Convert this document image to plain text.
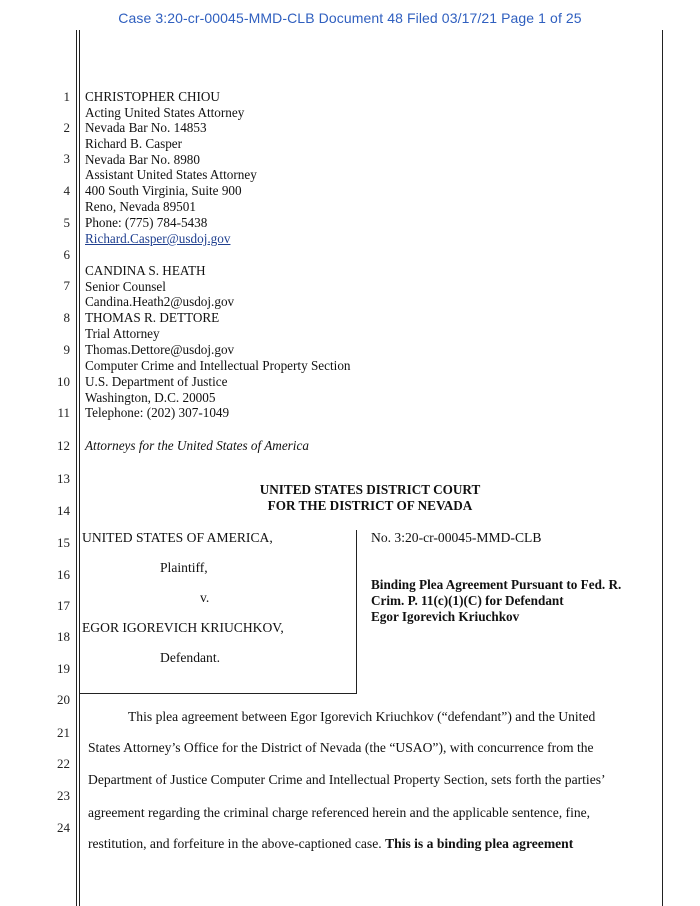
Case 3:20-cr-00045-MMD-CLB Document 48 Filed 03/17/21 Page 1 of 25
1
2
3
4
5
6
7
8
9
10
11
12
13
14
15
16
17
18
19
20
21
22
23
24
CHRISTOPHER CHIOU
Acting United States Attorney
Nevada Bar No. 14853
Richard B. Casper
Nevada Bar No. 8980
Assistant United States Attorney
400 South Virginia, Suite 900
Reno, Nevada 89501
Phone: (775) 784-5438
Richard.Casper@usdoj.gov
CANDINA S. HEATH
Senior Counsel
Candina.Heath2@usdoj.gov
THOMAS R. DETTORE
Trial Attorney
Thomas.Dettore@usdoj.gov
Computer Crime and Intellectual Property Section
U.S. Department of Justice
Washington, D.C. 20005
Telephone: (202) 307-1049
Attorneys for the United States of America
UNITED STATES DISTRICT COURT
FOR THE DISTRICT OF NEVADA
UNITED STATES OF AMERICA,
Plaintiff,
v.
EGOR IGOREVICH KRIUCHKOV,
Defendant.
No. 3:20-cr-00045-MMD-CLB
Binding Plea Agreement Pursuant to Fed. R.
Crim. P. 11(c)(1)(C) for Defendant
Egor Igorevich Kriuchkov
This plea agreement between Egor Igorevich Kriuchkov (“defendant”) and the United
States Attorney’s Office for the District of Nevada (the “USAO”), with concurrence from the
Department of Justice Computer Crime and Intellectual Property Section, sets forth the parties’
agreement regarding the criminal charge referenced herein and the applicable sentence, fine,
restitution, and forfeiture in the above-captioned case. This is a binding plea agreement
